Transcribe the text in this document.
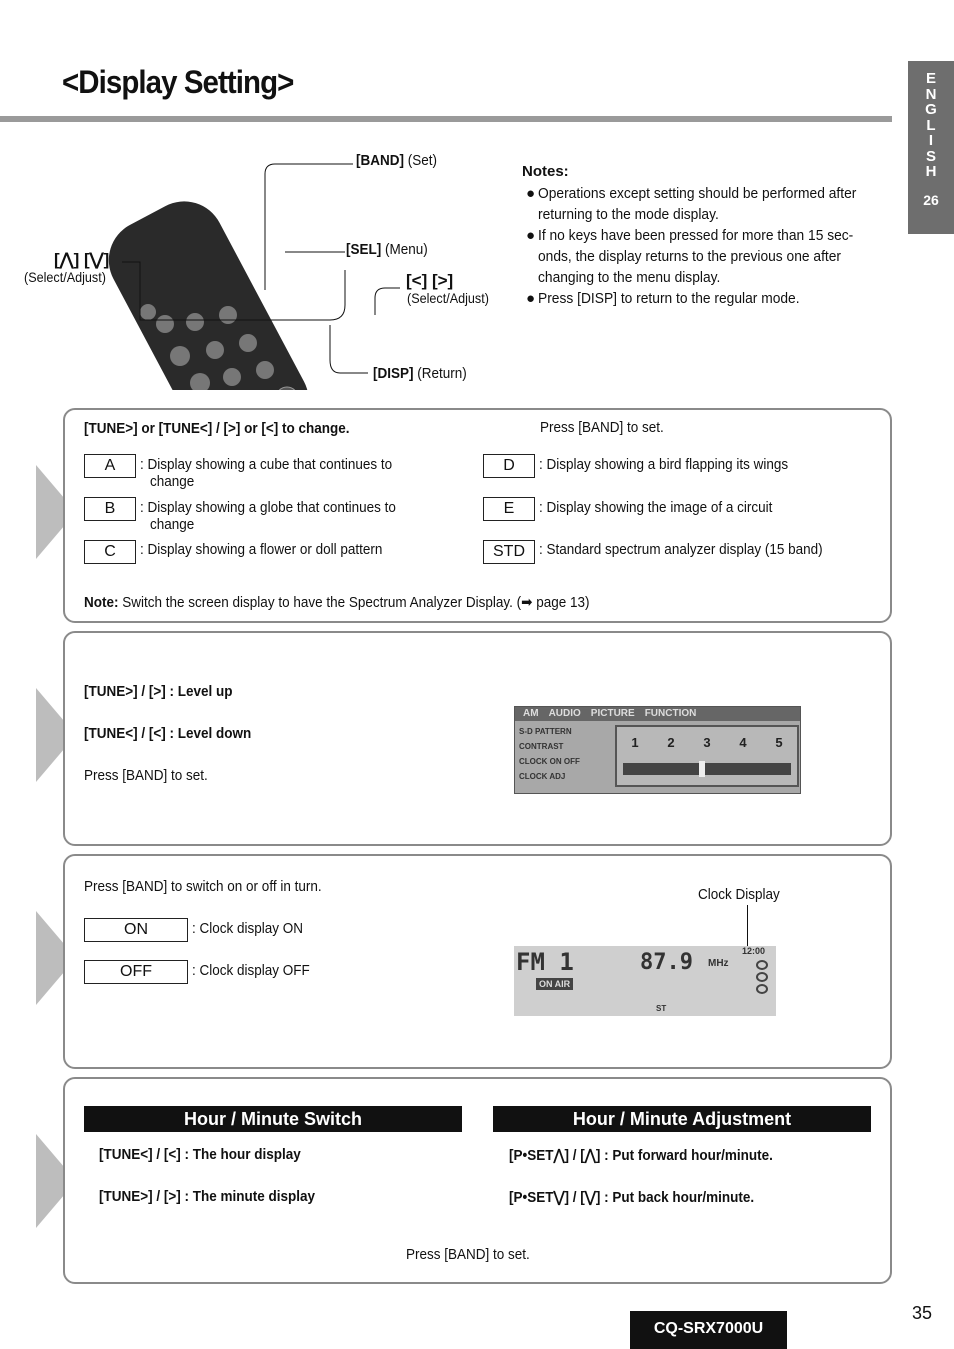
<Display Setting>	E
N
G
L
I
S
H
26
[BAND] (Set)
[SEL] (Menu)
[⋀] [⋁]
(Select/Adjust)	[<] [>]
(Select/Adjust)
[DISP] (Return)
Notes:
● Operations except setting should be performed after returning to the mode display.
● If no keys have been pressed for more than 15 sec-onds, the display returns to the previous one after changing to the menu display.
● Press [DISP] to return to the regular mode.
[TUNE>] or [TUNE<] / [>] or [<] to change.	Press [BAND] to set.
A	: Display showing a cube that continues to
change
B	: Display showing a globe that continues to
change
C	: Display showing a flower or doll pattern
D	: Display showing a bird flapping its wings
E	: Display showing the image of a circuit
STD : Standard spectrum analyzer display (15 band)
Note: Switch the screen display to have the Spectrum Analyzer Display. (➡ page 13)
[TUNE>] / [>] : Level up
[TUNE<] / [<] : Level down
Press [BAND] to set.
AM AUDIO PICTURE FUNCTION
S-D PATTERN
CONTRAST
CLOCK ON OFF
CLOCK ADJ
1 2 3 4 5
Press [BAND] to switch on or off in turn.
ON	: Clock display ON
OFF	: Clock display OFF
Clock Display
FM 1	87.9 MHz
12:00
ON AIR
ST
Hour / Minute Switch	Hour / Minute Adjustment
[TUNE<] / [<] : The hour display
[TUNE>] / [>] : The minute display
[P•SET⋀] / [⋀] : Put forward hour/minute.
[P•SET⋁] / [⋁] : Put back hour/minute.
Press [BAND] to set.
CQ-SRX7000U
35
